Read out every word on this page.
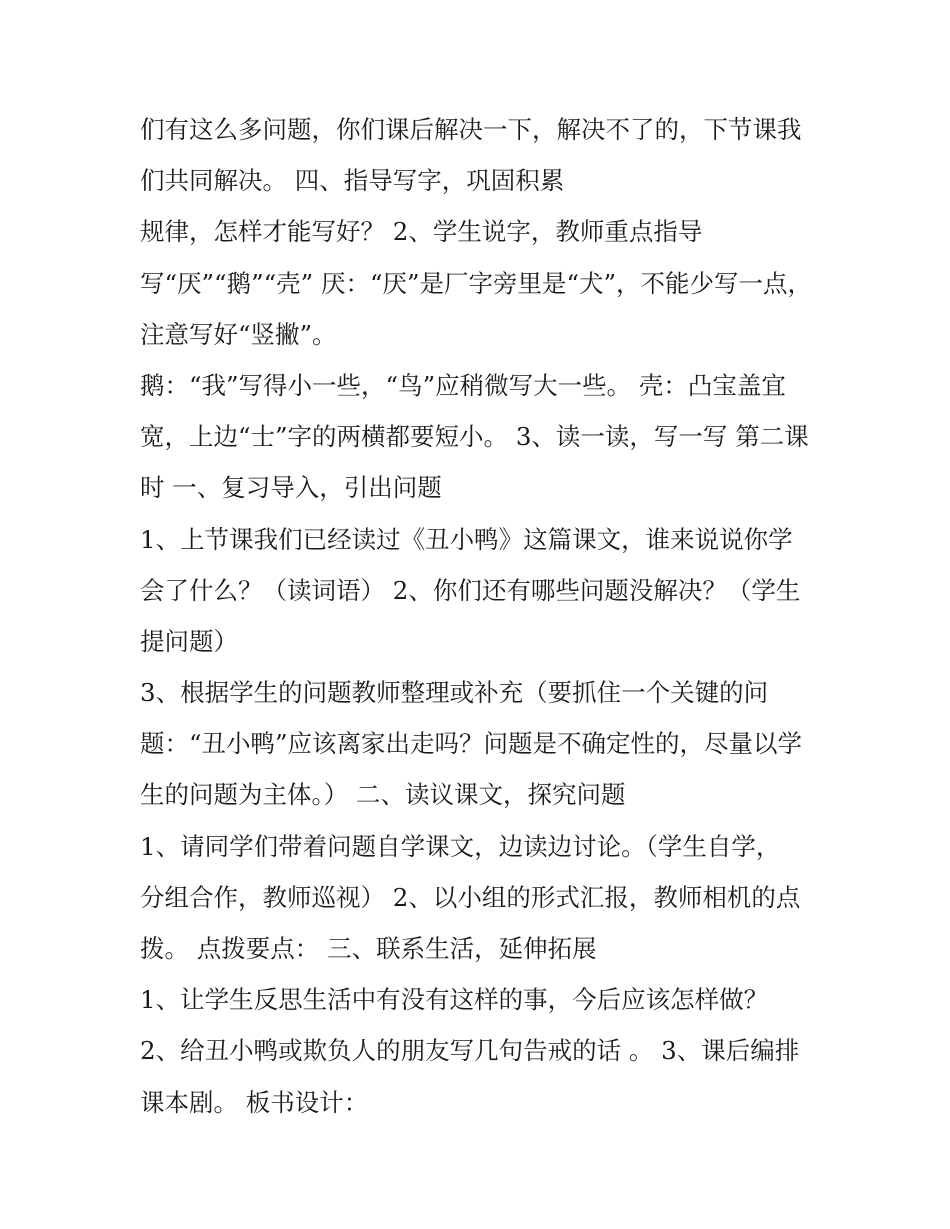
们有这么多问题，你们课后解决一下，解决不了的，下节课我
们共同解决。 四、指导写字，巩固积累
规律，怎样才能写好？ 2、学生说字，教师重点指导
写“厌”“鹅”“壳” 厌：“厌”是厂字旁里是“犬”，不能少写一点，
注意写好“竖撇”。
鹅：“我”写得小一些，“鸟”应稍微写大一些。 壳：凸宝盖宜
宽，上边“士”字的两横都要短小。 3、读一读，写一写 第二课
时 一、复习导入，引出问题
1、上节课我们已经读过《丑小鸭》这篇课文，谁来说说你学
会了什么？（读词语） 2、你们还有哪些问题没解决？（学生
提问题）
3、根据学生的问题教师整理或补充（要抓住一个关键的问
题：“丑小鸭”应该离家出走吗？问题是不确定性的，尽量以学
生的问题为主体。） 二、读议课文，探究问题
1、请同学们带着问题自学课文，边读边讨论。（学生自学，
分组合作，教师巡视） 2、以小组的形式汇报，教师相机的点
拨。 点拨要点： 三、联系生活，延伸拓展
1、让学生反思生活中有没有这样的事，今后应该怎样做？
2、给丑小鸭或欺负人的朋友写几句告戒的话 。 3、课后编排
课本剧。 板书设计：
